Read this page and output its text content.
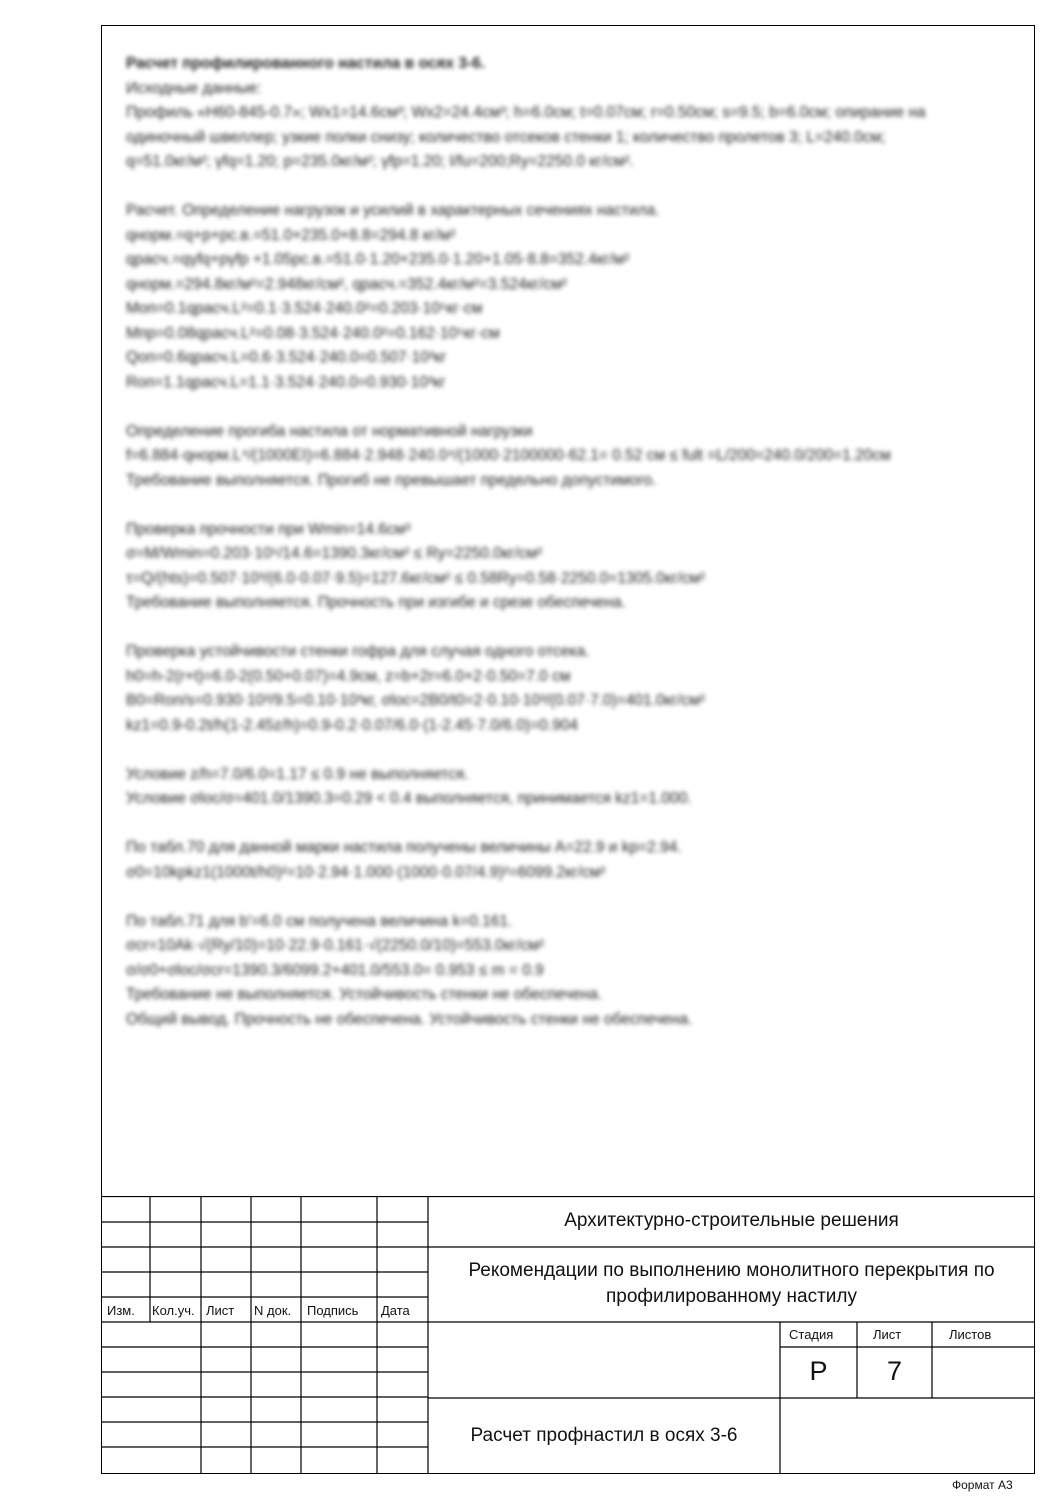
Расчет профилированного настила в осях 3-6.
Исходные данные:
Профиль «Н60-845-0.7»; Wx1=14.6см³; Wx2=24.4см³; h=6.0см; t=0.07см; r=0.50см; s=9.5; b=6.0см; опирание на
одиночный швеллер; узкие полки снизу; количество отсеков стенки 1; количество пролетов 3; L=240.0см;
q=51.0кг/м²; γfq=1.20; p=235.0кг/м²; γfp=1.20; l/fu=200;Ry=2250.0 кг/см².
Расчет. Определение нагрузок и усилий в характерных сечениях настила.
qнорм.=q+p+pс.в.=51.0+235.0+8.8=294.8 кг/м²
qрасч.=qγfq+pγfp +1.05pс.в.=51.0·1.20+235.0·1.20+1.05·8.8=352.4кг/м²
qнорм.=294.8кг/м²=2.948кг/см², qрасч.=352.4кг/м²=3.524кг/см²
Mоп=0.1qрасч.L²=0.1·3.524·240.0²=0.203·10⁵кг·см
Mпр=0.08qрасч.L²=0.08·3.524·240.0²=0.162·10⁵кг·см
Qоп=0.6qрасч.L=0.6·3.524·240.0=0.507·10³кг
Rоп=1.1qрасч.L=1.1·3.524·240.0=0.930·10³кг
Определение прогиба настила от нормативной нагрузки
f=6.884·qнорм.L⁴/(1000EI)=6.884·2.948·240.0⁴/(1000·2100000·62.1= 0.52 см ≤ fult =L/200=240.0/200=1.20см
Требование выполняется. Прогиб не превышает предельно допустимого.
Проверка прочности при Wmin=14.6см³
σ=M/Wmin=0.203·10⁵/14.6=1390.3кг/см² ≤ Ry=2250.0кг/см²
τ=Q/(hts)=0.507·10³/(6.0·0.07·9.5)=127.6кг/см² ≤ 0.58Ry=0.58·2250.0=1305.0кг/см²
Требование выполняется. Прочность при изгибе и срезе обеспечена.
Проверка устойчивости стенки гофра для случая одного отсека.
h0=h-2(r+t)=6.0-2(0.50+0.07)=4.9см, z=b+2r=6.0+2·0.50=7.0 см
B0=Rоп/s=0.930·10³/9.5=0.10·10³кг, σloc=2B0/t0=2·0.10·10³/(0.07·7.0)=401.0кг/см²
kz1=0.9-0.2t/h(1-2.45z/h)=0.9-0.2·0.07/6.0·(1-2.45·7.0/6.0)=0.904
Условие z/h=7.0/6.0=1.17 ≤ 0.9 не выполняется.
Условие σloc/σ=401.0/1390.3=0.29 < 0.4 выполняется, принимается kz1=1.000.
По табл.70 для данной марки настила получены величины A=22.9 и kp=2.94.
σ0=10kpkz1(1000t/h0)²=10·2.94·1.000·(1000·0.07/4.9)²=6099.2кг/см²
По табл.71 для b'=6.0 см получена величина k=0.161.
σcr=10Ak·√(Ry/10)=10·22.9·0.161·√(2250.0/10)=553.0кг/см²
σ/σ0+σloc/σcr=1390.3/6099.2+401.0/553.0= 0.953 ≤ m = 0.9
Требование не выполняется. Устойчивость стенки не обеспечена.
Общий вывод. Прочность не обеспечена. Устойчивость стенки не обеспечена.
Изм. Кол.уч. Лист N док. Подпись Дата
Архитектурно-строительные решения
Рекомендации по выполнению монолитного перекрытия по
профилированному настилу
Расчет профнастил в осях 3-6
Стадия	Лист	Листов
Р	7
Формат А3
